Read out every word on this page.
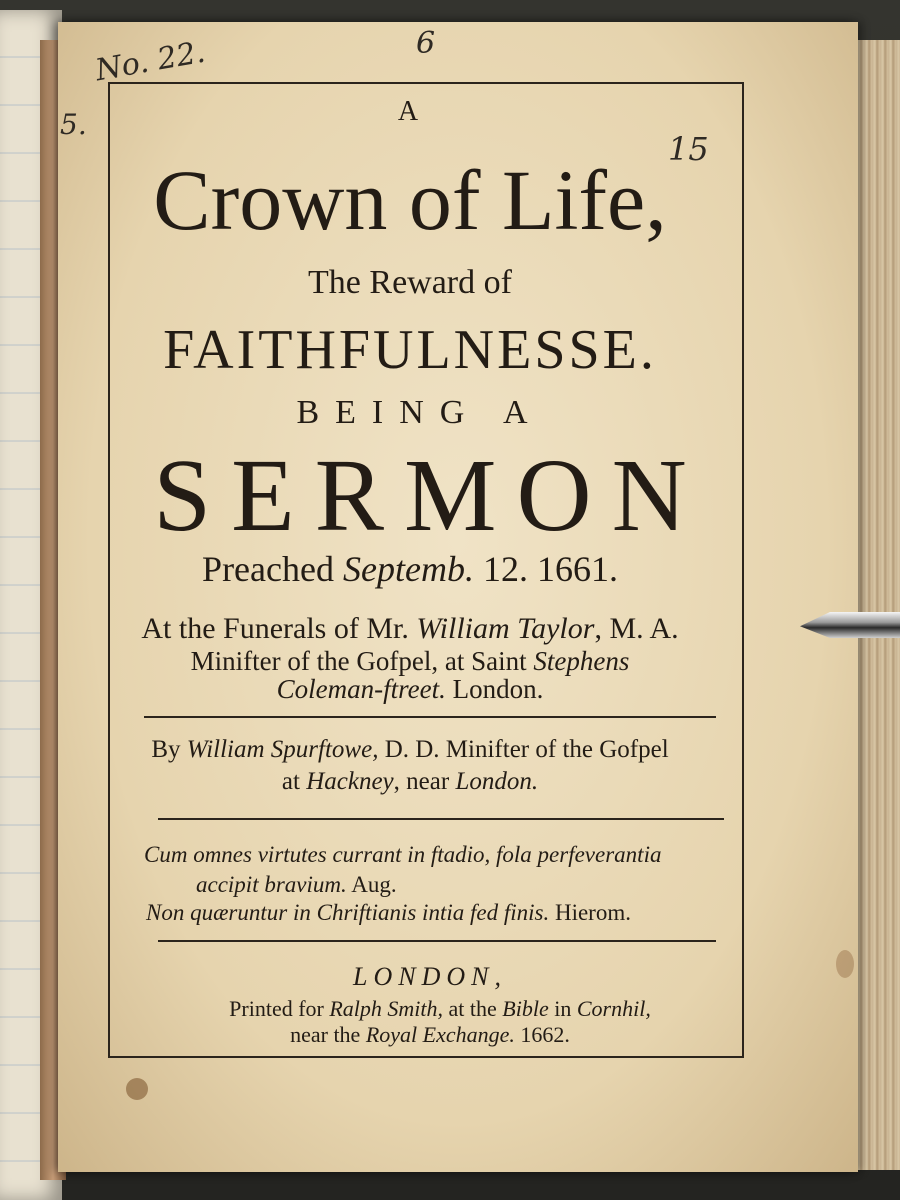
No. 22.	6
5.
15
A
Crown of Life,
The Reward of
FAITHFULNESSE.
BEING A
SERMON
Preached Septemb. 12. 1661.
At the Funerals of Mr. William Taylor, M. A.
Minifter of the Gofpel, at Saint Stephens
Coleman-ftreet. London.
By William Spurftowe, D. D. Minifter of the Gofpel
at Hackney, near London.
Cum omnes virtutes currant in ftadio, fola perfeverantia
accipit bravium. Aug.
Non quæruntur in Chriftianis intia fed finis. Hierom.
LONDON,
Printed for Ralph Smith, at the Bible in Cornhil,
near the Royal Exchange. 1662.
